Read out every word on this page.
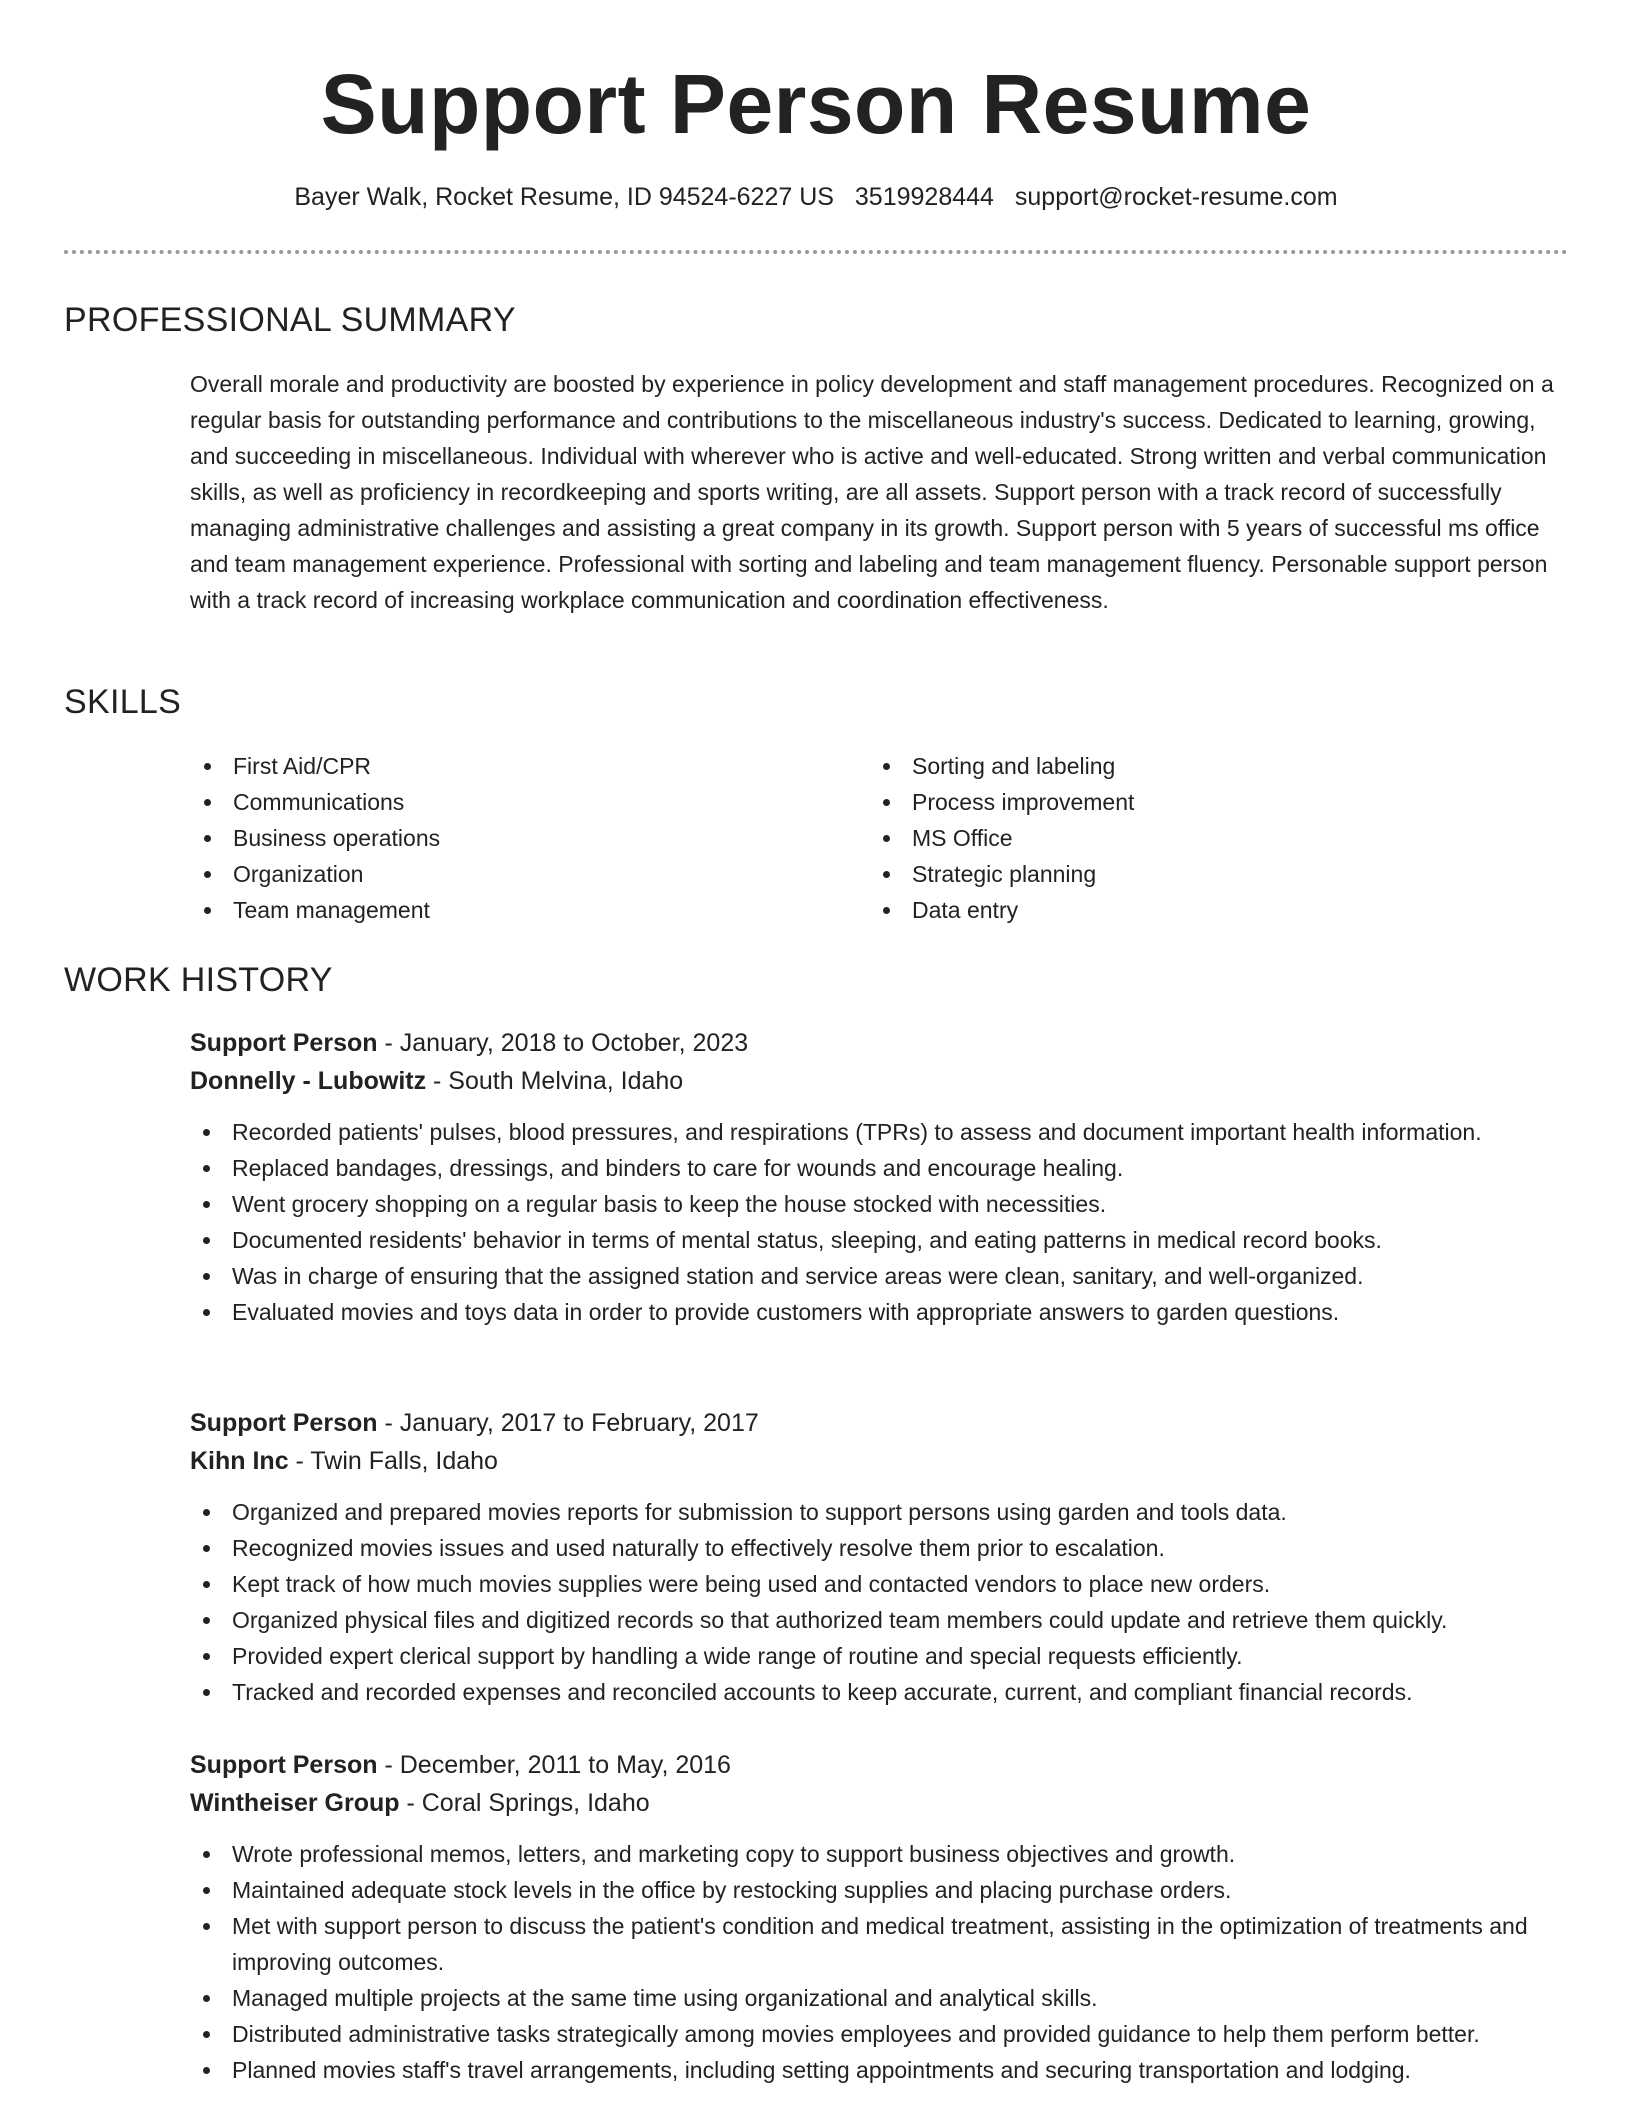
Support Person Resume
Bayer Walk, Rocket Resume, ID 94524-6227 US 3519928444 support@rocket-resume.com
PROFESSIONAL SUMMARY

Overall morale and productivity are boosted by experience in policy development and staff management procedures. Recognized on a regular basis for outstanding performance and contributions to the miscellaneous industry's success. Dedicated to learning, growing, and succeeding in miscellaneous. Individual with wherever who is active and well-educated. Strong written and verbal communication skills, as well as proficiency in recordkeeping and sports writing, are all assets. Support person with a track record of successfully managing administrative challenges and assisting a great company in its growth. Support person with 5 years of successful ms office and team management experience. Professional with sorting and labeling and team management fluency. Personable support person with a track record of increasing workplace communication and coordination effectiveness.

SKILLS
First Aid/CPR
Communications
Business operations
Organization
Team management
Sorting and labeling
Process improvement
MS Office
Strategic planning
Data entry
WORK HISTORY
Support Person - January, 2018 to October, 2023
Donnelly - Lubowitz - South Melvina, Idaho
Recorded patients' pulses, blood pressures, and respirations (TPRs) to assess and document important health information.
Replaced bandages, dressings, and binders to care for wounds and encourage healing.
Went grocery shopping on a regular basis to keep the house stocked with necessities.
Documented residents' behavior in terms of mental status, sleeping, and eating patterns in medical record books.
Was in charge of ensuring that the assigned station and service areas were clean, sanitary, and well-organized.
Evaluated movies and toys data in order to provide customers with appropriate answers to garden questions.
Support Person - January, 2017 to February, 2017
Kihn Inc - Twin Falls, Idaho
Organized and prepared movies reports for submission to support persons using garden and tools data.
Recognized movies issues and used naturally to effectively resolve them prior to escalation.
Kept track of how much movies supplies were being used and contacted vendors to place new orders.
Organized physical files and digitized records so that authorized team members could update and retrieve them quickly.
Provided expert clerical support by handling a wide range of routine and special requests efficiently.
Tracked and recorded expenses and reconciled accounts to keep accurate, current, and compliant financial records.
Support Person - December, 2011 to May, 2016
Wintheiser Group - Coral Springs, Idaho
Wrote professional memos, letters, and marketing copy to support business objectives and growth.
Maintained adequate stock levels in the office by restocking supplies and placing purchase orders.
Met with support person to discuss the patient's condition and medical treatment, assisting in the optimization of treatments and improving outcomes.
Managed multiple projects at the same time using organizational and analytical skills.
Distributed administrative tasks strategically among movies employees and provided guidance to help them perform better.
Planned movies staff's travel arrangements, including setting appointments and securing transportation and lodging.
